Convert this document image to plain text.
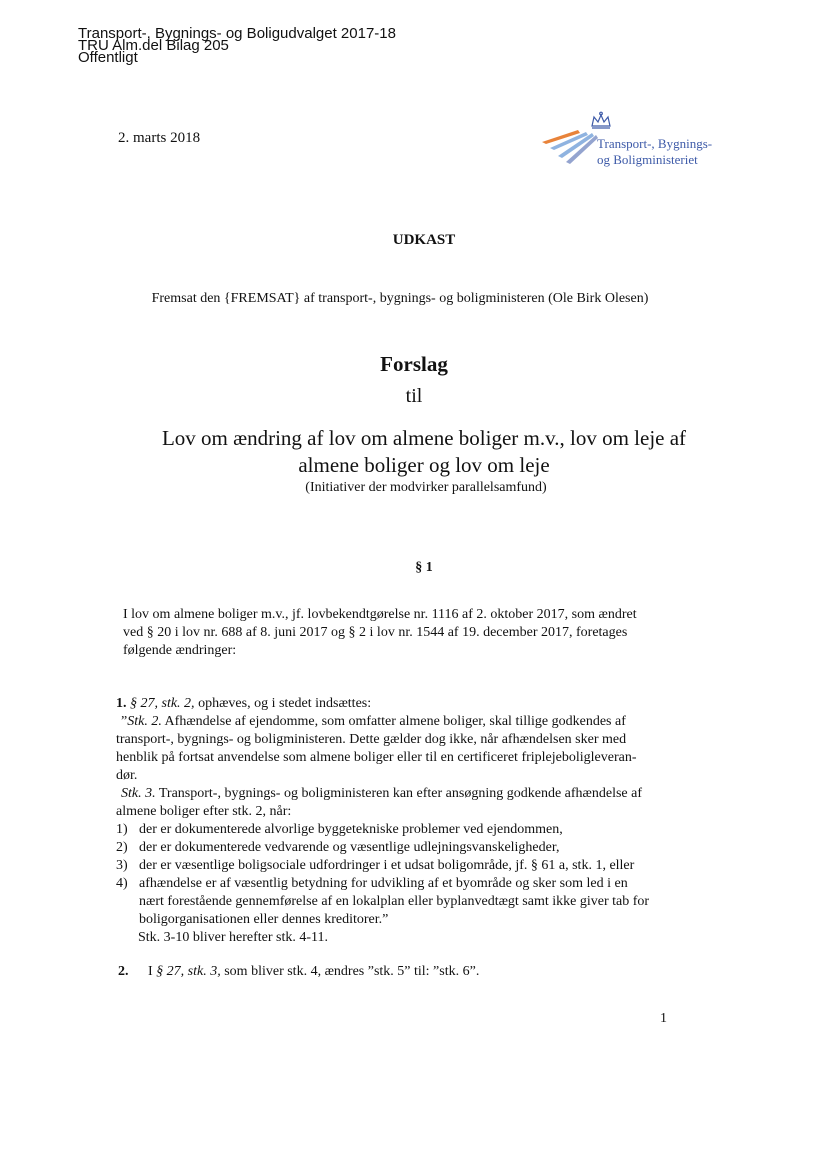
Transport-, Bygnings- og Boligudvalget 2017-18
TRU Alm.del Bilag 205
Offentligt
2. marts 2018	Transport-, Bygnings-
og Boligministeriet
UDKAST
Fremsat den {FREMSAT} af transport-, bygnings- og boligministeren (Ole Birk Olesen)
Forslag
til
Lov om ændring af lov om almene boliger m.v., lov om leje af
almene boliger og lov om leje
(Initiativer der modvirker parallelsamfund)
§ 1
I lov om almene boliger m.v., jf. lovbekendtgørelse nr. 1116 af 2. oktober 2017, som ændret
ved § 20 i lov nr. 688 af 8. juni 2017 og § 2 i lov nr. 1544 af 19. december 2017, foretages
følgende ændringer:

1. § 27, stk. 2, ophæves, og i stedet indsættes:

”Stk. 2. Afhændelse af ejendomme, som omfatter almene boliger, skal tillige godkendes af

transport-, bygnings- og boligministeren. Dette gælder dog ikke, når afhændelsen sker med

henblik på fortsat anvendelse som almene boliger eller til en certificeret friplejeboligleveran-

dør.

Stk. 3. Transport-, bygnings- og boligministeren kan efter ansøgning godkende afhændelse af

almene boliger efter stk. 2, når:

1) der er dokumenterede alvorlige byggetekniske problemer ved ejendommen,
2) der er dokumenterede vedvarende og væsentlige udlejningsvanskeligheder,
3) der er væsentlige boligsociale udfordringer i et udsat boligområde, jf. § 61 a, stk. 1, eller
4) afhændelse er af væsentlig betydning for udvikling af et byområde og sker som led i en
nært forestående gennemførelse af en lokalplan eller byplanvedtægt samt ikke giver tab for
boligorganisationen eller dennes kreditorer.”
Stk. 3-10 bliver herefter stk. 4-11.
2. I § 27, stk. 3, som bliver stk. 4, ændres ”stk. 5” til: ”stk. 6”.
1
